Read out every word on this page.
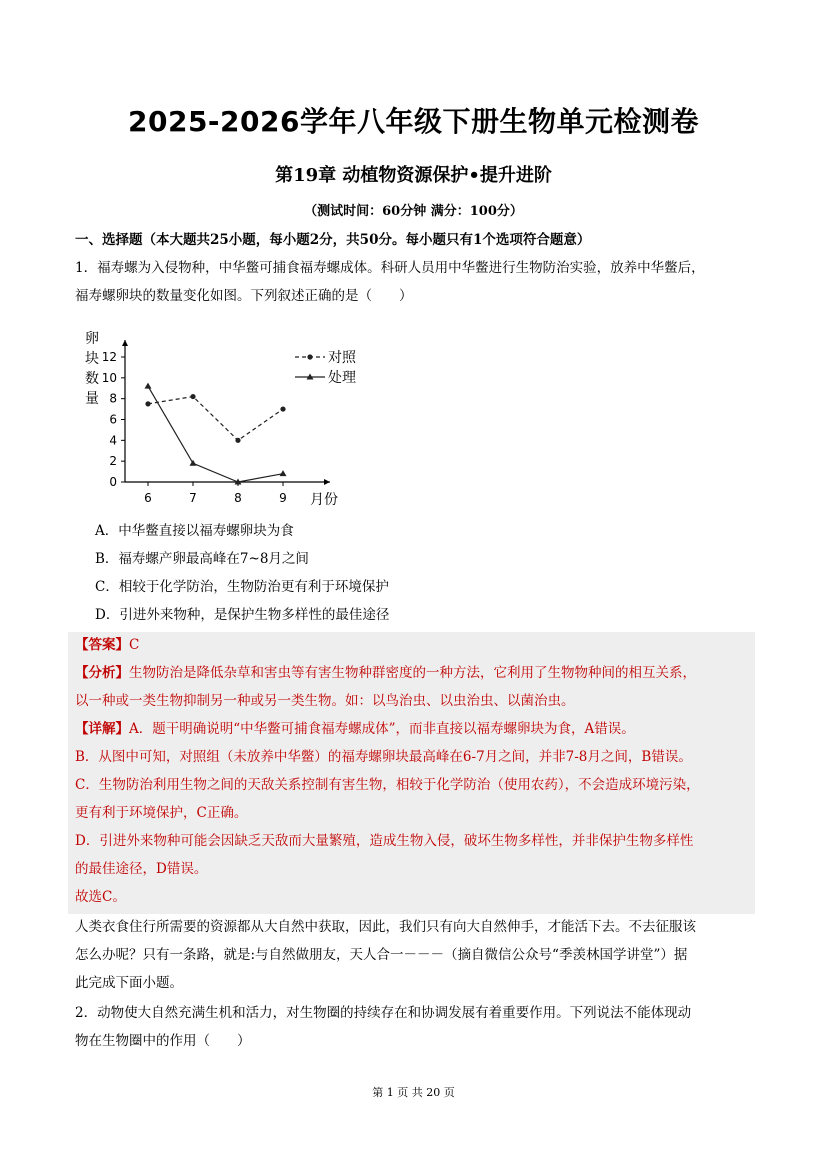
2025-2026学年八年级下册生物单元检测卷
第19章 动植物资源保护•提升进阶
（测试时间：60分钟 满分：100分）
一、选择题（本大题共25小题，每小题2分，共50分。每小题只有1个选项符合题意）
1．福寿螺为入侵物种，中华鳖可捕食福寿螺成体。科研人员用中华鳖进行生物防治实验，放养中华鳖后，
福寿螺卵块的数量变化如图。下列叙述正确的是（　　）
0
2
4
6
8
10
12
6	7	8	9
卵
块
数
量
月份
对照
处理
A．中华鳖直接以福寿螺卵块为食
B．福寿螺产卵最高峰在7~8月之间
C．相较于化学防治，生物防治更有利于环境保护
D．引进外来物种，是保护生物多样性的最佳途径
【答案】C
【分析】生物防治是降低杂草和害虫等有害生物种群密度的一种方法，它利用了生物物种间的相互关系，
以一种或一类生物抑制另一种或另一类生物。如：以鸟治虫、以虫治虫、以菌治虫。
【详解】A．题干明确说明“中华鳖可捕食福寿螺成体”，而非直接以福寿螺卵块为食，A错误。
B．从图中可知，对照组（未放养中华鳖）的福寿螺卵块最高峰在6-7月之间，并非7-8月之间，B错误。
C．生物防治利用生物之间的天敌关系控制有害生物，相较于化学防治（使用农药），不会造成环境污染，
更有利于环境保护，C正确。
D．引进外来物种可能会因缺乏天敌而大量繁殖，造成生物入侵，破坏生物多样性，并非保护生物多样性
的最佳途径，D错误。
故选C。
人类衣食住行所需要的资源都从大自然中获取，因此，我们只有向大自然伸手，才能活下去。不去征服该
怎么办呢？只有一条路，就是:与自然做朋友，天人合一－－－（摘自微信公众号“季羡林国学讲堂”）据
此完成下面小题。
2．动物使大自然充满生机和活力，对生物圈的持续存在和协调发展有着重要作用。下列说法不能体现动
物在生物圈中的作用（　　）
第 1 页 共 20 页
